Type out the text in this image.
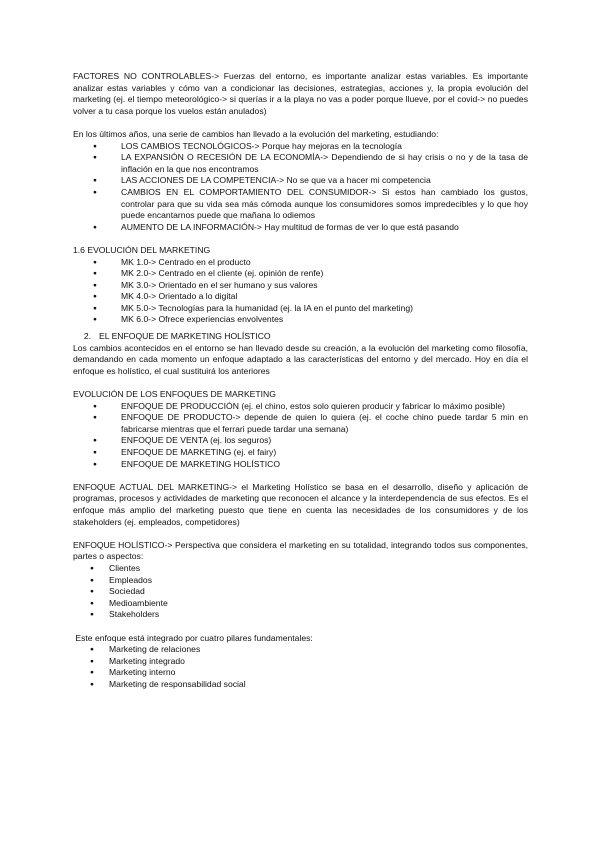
FACTORES NO CONTROLABLES-> Fuerzas del entorno, es importante analizar estas variables. Es importante analizar estas variables y cómo van a condicionar las decisiones, estrategias, acciones y, la propia evolución del marketing (ej. el tiempo meteorológico-> si querías ir a la playa no vas a poder porque llueve, por el covid-> no puedes volver a tu casa porque los vuelos están anulados)

En los últimos años, una serie de cambios han llevado a la evolución del marketing, estudiando:

● LOS CAMBIOS TECNOLÓGICOS-> Porque hay mejoras en la tecnología
● LA EXPANSIÓN O RECESIÓN DE LA ECONOMÍA-> Dependiendo de si hay crisis o no y de la tasa de inflación en la que nos encontramos
● LAS ACCIONES DE LA COMPETENCIA-> No se que va a hacer mi competencia
● CAMBIOS EN EL COMPORTAMIENTO DEL CONSUMIDOR-> Si estos han cambiado los gustos, controlar para que su vida sea más cómoda aunque los consumidores somos impredecibles y lo que hoy puede encantarnos puede que mañana lo odiemos
● AUMENTO DE LA INFORMACIÓN-> Hay multitud de formas de ver lo que está pasando

1.6 EVOLUCIÓN DEL MARKETING

● MK 1.0-> Centrado en el producto
● MK 2.0-> Centrado en el cliente (ej. opinión de renfe)
● MK 3.0-> Orientado en el ser humano y sus valores
● MK 4.0-> Orientado a lo digital
● MK 5.0-> Tecnologías para la humanidad (ej. la IA en el punto del marketing)
● MK 6.0-> Ofrece experiencias envolventes

2. EL ENFOQUE DE MARKETING HOLÍSTICO

Los cambios acontecidos en el entorno se han llevado desde su creación, a la evolución del marketing como filosofía, demandando en cada momento un enfoque adaptado a las características del entorno y del mercado. Hoy en día el enfoque es holístico, el cual sustituirá los anteriores

EVOLUCIÓN DE LOS ENFOQUES DE MARKETING

● ENFOQUE DE PRODUCCIÓN (ej. el chino, estos solo quieren producir y fabricar lo máximo posible)
● ENFOQUE DE PRODUCTO-> depende de quien lo quiera (ej. el coche chino puede tardar 5 min en fabricarse mientras que el ferrari puede tardar una semana)
● ENFOQUE DE VENTA (ej. los seguros)
● ENFOQUE DE MARKETING (ej. el fairy)
● ENFOQUE DE MARKETING HOLÍSTICO

ENFOQUE ACTUAL DEL MARKETING-> el Marketing Holístico se basa en el desarrollo, diseño y aplicación de programas, procesos y actividades de marketing que reconocen el alcance y la interdependencia de sus efectos. Es el enfoque más amplio del marketing puesto que tiene en cuenta las necesidades de los consumidores y de los stakeholders (ej. empleados, competidores)

ENFOQUE HOLÍSTICO-> Perspectiva que considera el marketing en su totalidad, integrando todos sus componentes, partes o aspectos:

● Clientes
● Empleados
● Sociedad
● Medioambiente
● Stakeholders

Este enfoque está integrado por cuatro pilares fundamentales:

● Marketing de relaciones
● Marketing integrado
● Marketing interno
● Marketing de responsabilidad social
